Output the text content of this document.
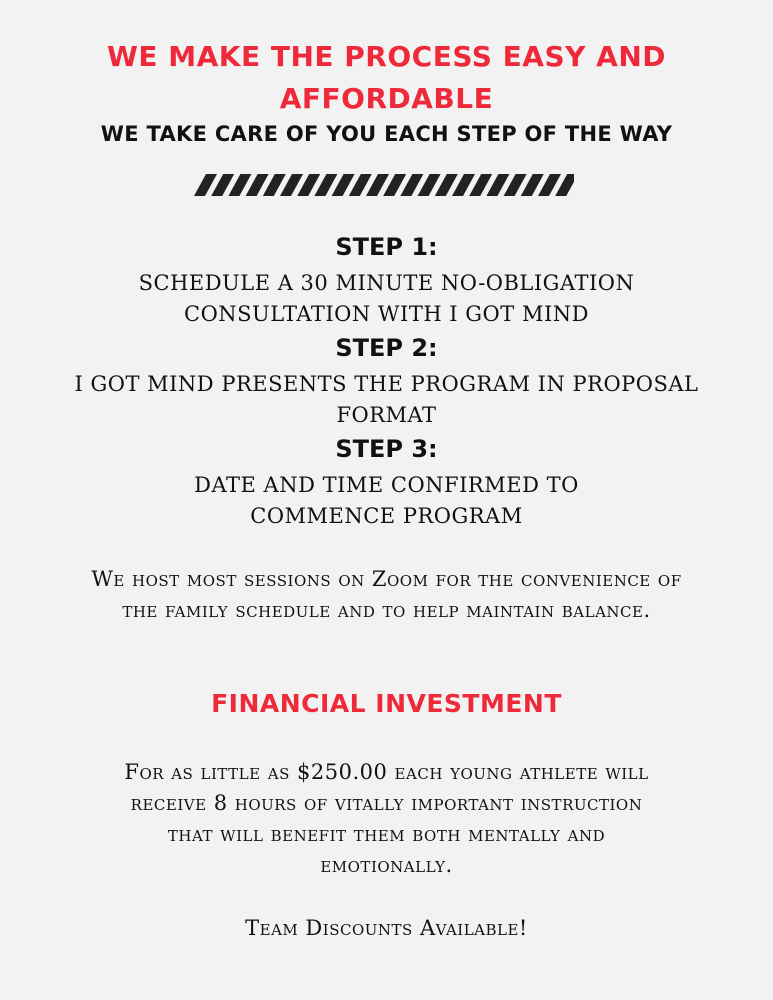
WE MAKE THE PROCESS EASY AND AFFORDABLE
WE TAKE CARE OF YOU EACH STEP OF THE WAY
STEP 1:

SCHEDULE A 30 MINUTE NO-OBLIGATION CONSULTATION WITH I GOT MIND

STEP 2:

I GOT MIND PRESENTS THE PROGRAM IN PROPOSAL FORMAT

STEP 3:

DATE AND TIME CONFIRMED TO COMMENCE PROGRAM

We host most sessions on Zoom for the convenience of the family schedule and to help maintain balance.

FINANCIAL INVESTMENT

For as little as $250.00 each young athlete will receive 8 hours of vitally important instruction that will benefit them both mentally and emotionally.

Team Discounts Available!
